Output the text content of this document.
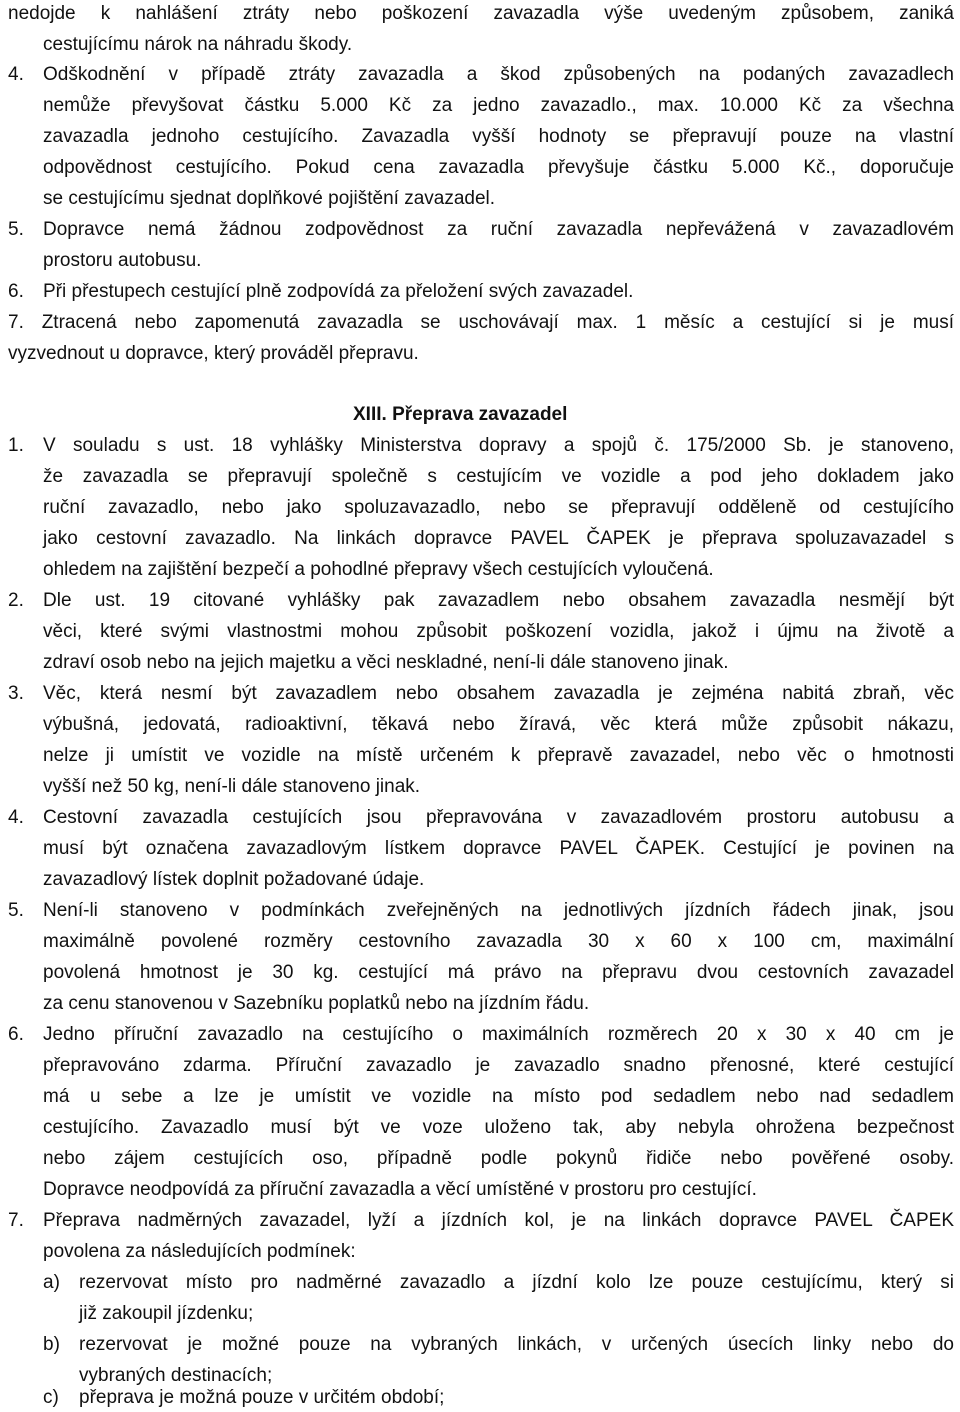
nedojde k nahlášení ztráty nebo poškození zavazadla výše uvedeným způsobem, zaniká
cestujícímu nárok na náhradu škody.
4. Odškodnění v případě ztráty zavazadla a škod způsobených na podaných zavazadlech
nemůže převyšovat částku 5.000 Kč za jedno zavazadlo., max. 10.000 Kč za všechna
zavazadla jednoho cestujícího. Zavazadla vyšší hodnoty se přepravují pouze na vlastní
odpovědnost cestujícího. Pokud cena zavazadla převyšuje částku 5.000 Kč., doporučuje
se cestujícímu sjednat doplňkové pojištění zavazadel.
5. Dopravce nemá žádnou zodpovědnost za ruční zavazadla nepřevážená v zavazadlovém
prostoru autobusu.
6. Při přestupech cestující plně zodpovídá za přeložení svých zavazadel.
7. Ztracená nebo zapomenutá zavazadla se uschovávají max. 1 měsíc a cestující si je musí
vyzvednout u dopravce, který prováděl přepravu.
XIII. Přeprava zavazadel
1. V souladu s ust. 18 vyhlášky Ministerstva dopravy a spojů č. 175/2000 Sb. je stanoveno,
že zavazadla se přepravují společně s cestujícím ve vozidle a pod jeho dokladem jako
ruční zavazadlo, nebo jako spoluzavazadlo, nebo se přepravují odděleně od cestujícího
jako cestovní zavazadlo. Na linkách dopravce PAVEL ČAPEK je přeprava spoluzavazadel s
ohledem na zajištění bezpečí a pohodlné přepravy všech cestujících vyloučená.
2. Dle ust. 19 citované vyhlášky pak zavazadlem nebo obsahem zavazadla nesmějí být
věci, které svými vlastnostmi mohou způsobit poškození vozidla, jakož i újmu na životě a
zdraví osob nebo na jejich majetku a věci neskladné, není-li dále stanoveno jinak.
3. Věc, která nesmí být zavazadlem nebo obsahem zavazadla je zejména nabitá zbraň, věc
výbušná, jedovatá, radioaktivní, těkavá nebo žíravá, věc která může způsobit nákazu,
nelze ji umístit ve vozidle na místě určeném k přepravě zavazadel, nebo věc o hmotnosti
vyšší než 50 kg, není-li dále stanoveno jinak.
4. Cestovní zavazadla cestujících jsou přepravována v zavazadlovém prostoru autobusu a
musí být označena zavazadlovým lístkem dopravce PAVEL ČAPEK. Cestující je povinen na
zavazadlový lístek doplnit požadované údaje.
5. Není-li stanoveno v podmínkách zveřejněných na jednotlivých jízdních řádech jinak, jsou
maximálně povolené rozměry cestovního zavazadla 30 x 60 x 100 cm, maximální
povolená hmotnost je 30 kg. cestující má právo na přepravu dvou cestovních zavazadel
za cenu stanovenou v Sazebníku poplatků nebo na jízdním řádu.
6. Jedno příruční zavazadlo na cestujícího o maximálních rozměrech 20 x 30 x 40 cm je
přepravováno zdarma. Příruční zavazadlo je zavazadlo snadno přenosné, které cestující
má u sebe a lze je umístit ve vozidle na místo pod sedadlem nebo nad sedadlem
cestujícího. Zavazadlo musí být ve voze uloženo tak, aby nebyla ohrožena bezpečnost
nebo zájem cestujících oso, případně podle pokynů řidiče nebo pověřené osoby.
Dopravce neodpovídá za příruční zavazadla a věcí umístěné v prostoru pro cestující.
7. Přeprava nadměrných zavazadel, lyží a jízdních kol, je na linkách dopravce PAVEL ČAPEK
povolena za následujících podmínek:
a) rezervovat místo pro nadměrné zavazadlo a jízdní kolo lze pouze cestujícímu, který si
již zakoupil jízdenku;
b) rezervovat je možné pouze na vybraných linkách, v určených úsecích linky nebo do
vybraných destinacích;
c) přeprava je možná pouze v určitém období;
